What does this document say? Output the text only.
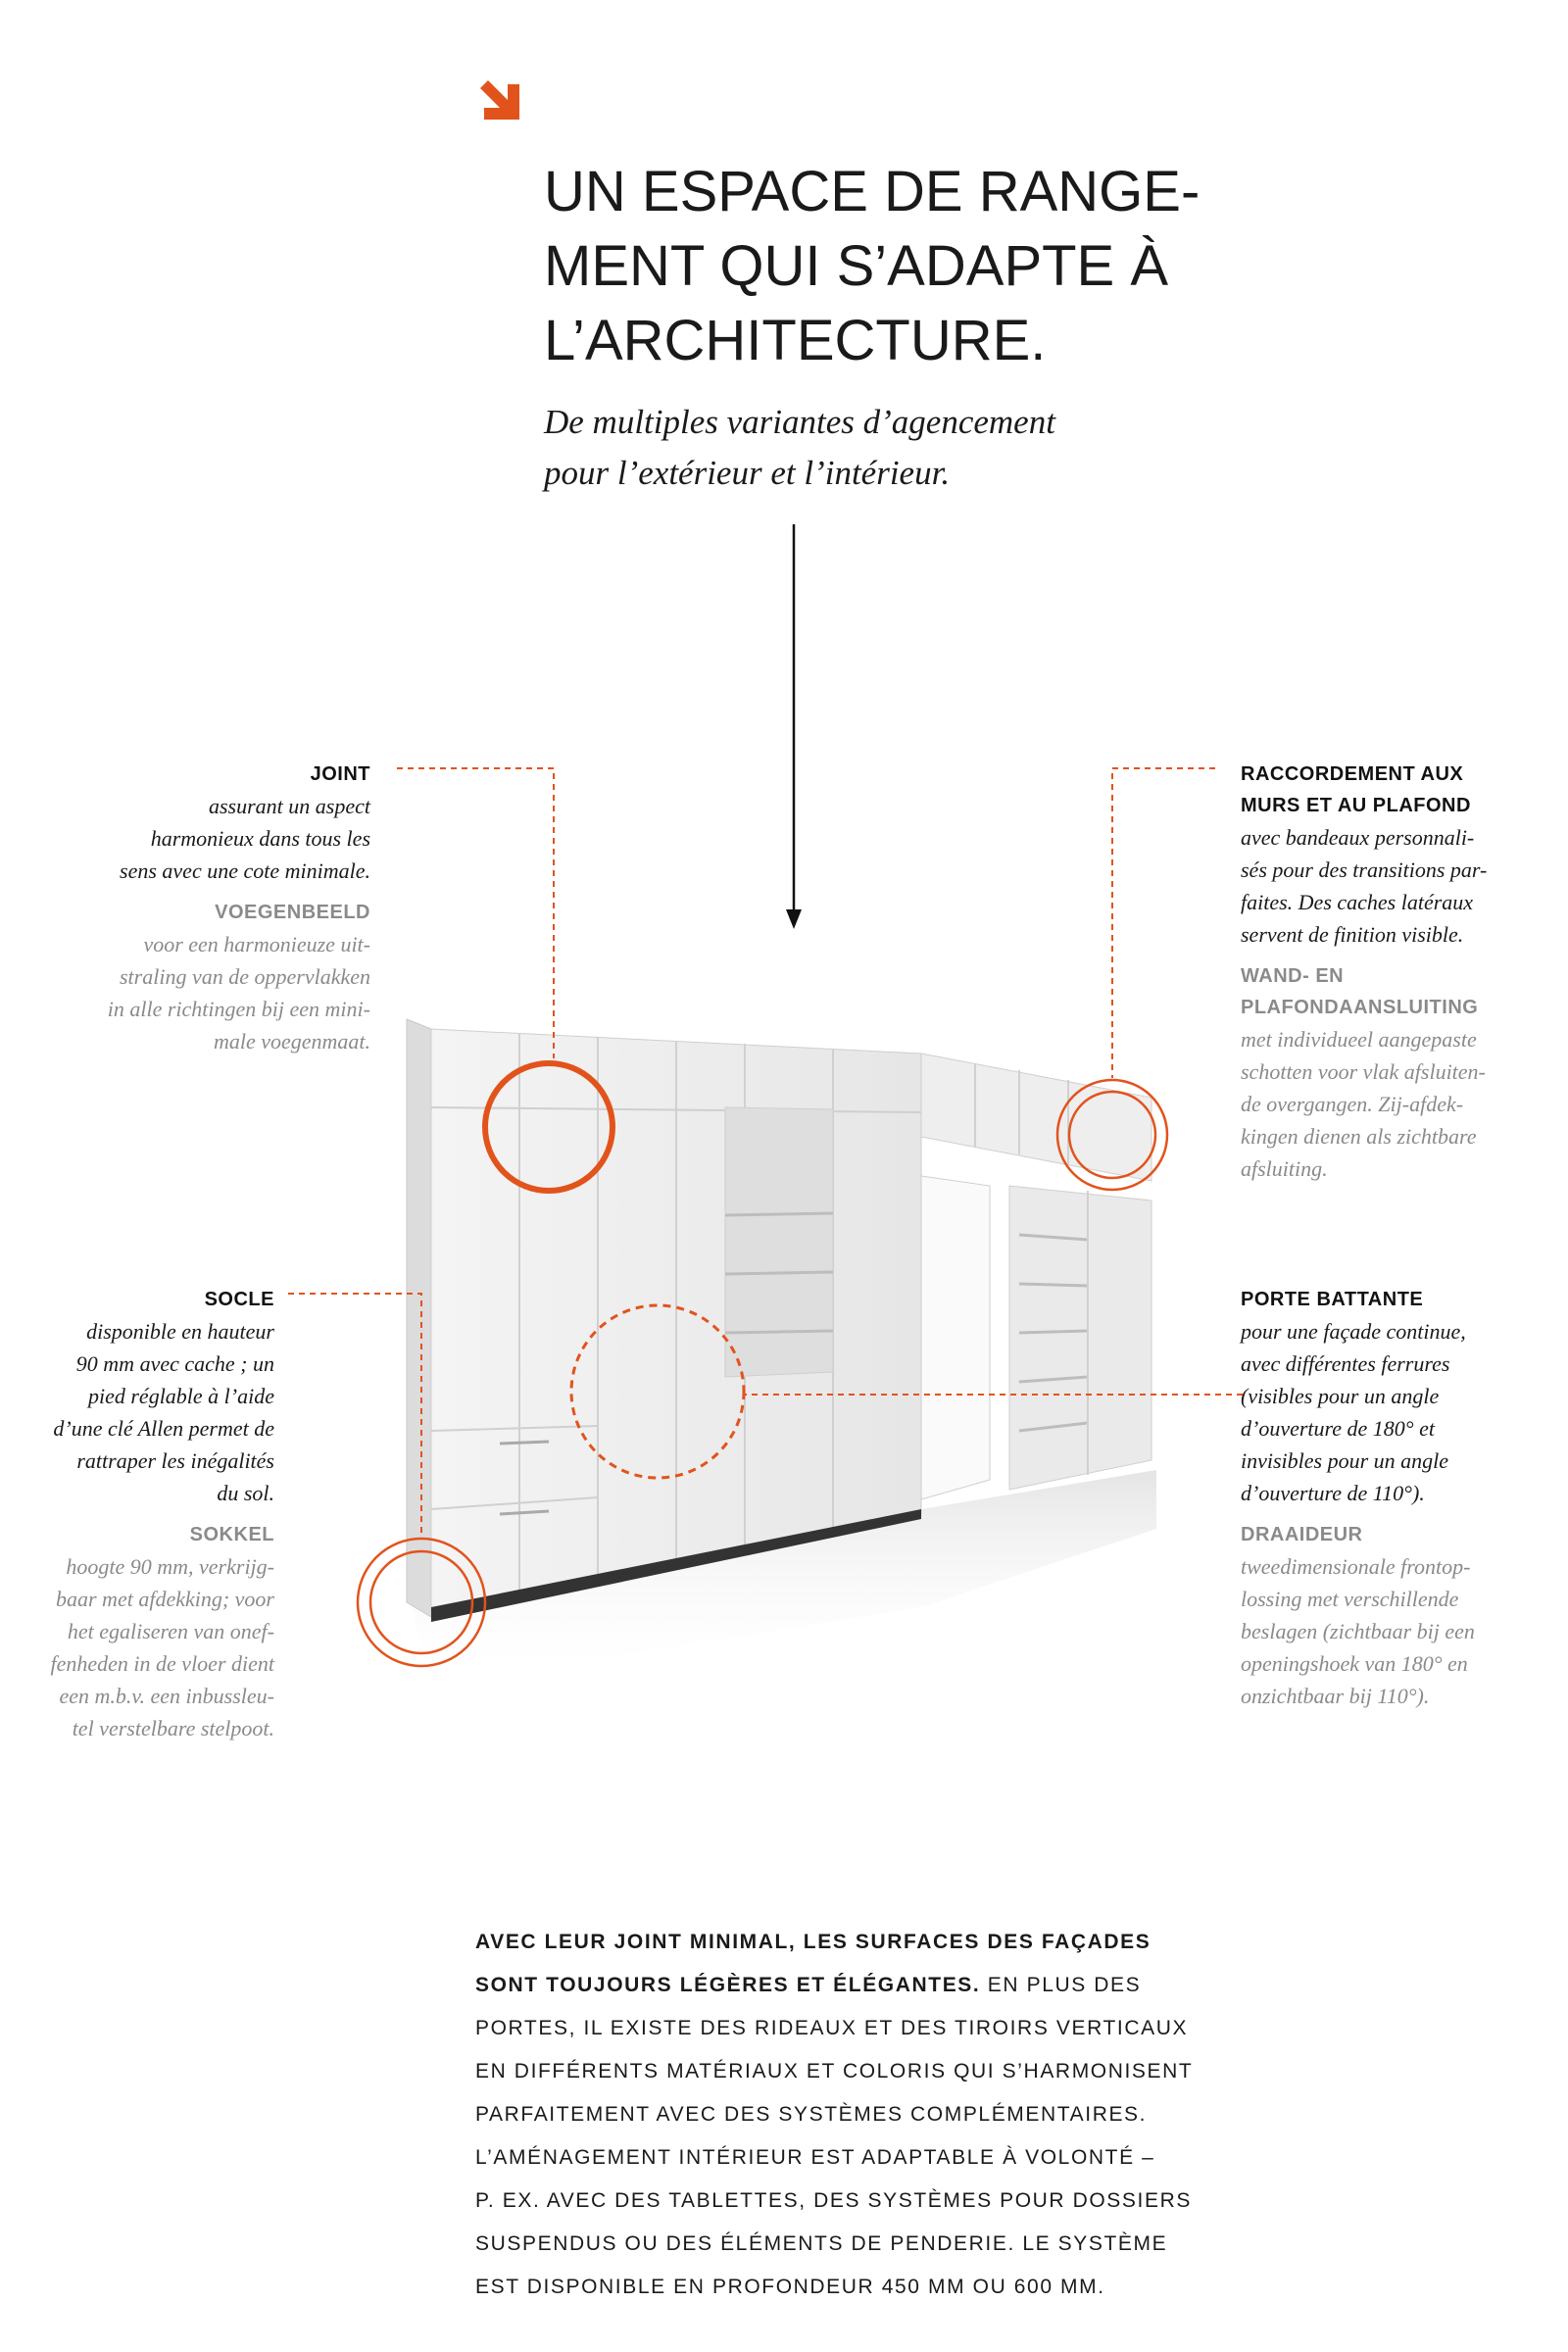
UN ESPACE DE RANGE-
MENT QUI S’ADAPTE À
L’ARCHITECTURE.
De multiples variantes d’agencement
pour l’extérieur et l’intérieur.
JOINT
assurant un aspect
harmonieux dans tous les
sens avec une cote minimale.
VOEGENBEELD
voor een harmonieuze uit-
straling van de oppervlakken
in alle richtingen bij een mini-
male voegenmaat.
RACCORDEMENT AUX
MURS ET AU PLAFOND
avec bandeaux personnali-
sés pour des transitions par-
faites. Des caches latéraux
servent de finition visible.
WAND- EN
PLAFONDAANSLUITING
met individueel aangepaste
schotten voor vlak afsluiten-
de overgangen. Zij-afdek-
kingen dienen als zichtbare
afsluiting.
SOCLE
disponible en hauteur
90 mm avec cache ; un
pied réglable à l’aide
d’une clé Allen permet de
rattraper les inégalités
du sol.
SOKKEL
hoogte 90 mm, verkrijg-
baar met afdekking; voor
het egaliseren van onef-
fenheden in de vloer dient
een m.b.v. een inbussleu-
tel verstelbare stelpoot.
PORTE BATTANTE
pour une façade continue,
avec différentes ferrures
(visibles pour un angle
d’ouverture de 180° et
invisibles pour un angle
d’ouverture de 110°).
DRAAIDEUR
tweedimensionale frontop-
lossing met verschillende
beslagen (zichtbaar bij een
openingshoek van 180° en
onzichtbaar bij 110°).
AVEC LEUR JOINT MINIMAL, LES SURFACES DES FAÇADES
SONT TOUJOURS LÉGÈRES ET ÉLÉGANTES. EN PLUS DES
PORTES, IL EXISTE DES RIDEAUX ET DES TIROIRS VERTICAUX
EN DIFFÉRENTS MATÉRIAUX ET COLORIS QUI S’HARMONISENT
PARFAITEMENT AVEC DES SYSTÈMES COMPLÉMENTAIRES.
L’AMÉNAGEMENT INTÉRIEUR EST ADAPTABLE À VOLONTÉ –
P. EX. AVEC DES TABLETTES, DES SYSTÈMES POUR DOSSIERS
SUSPENDUS OU DES ÉLÉMENTS DE PENDERIE. LE SYSTÈME
EST DISPONIBLE EN PROFONDEUR 450 MM OU 600 MM.
